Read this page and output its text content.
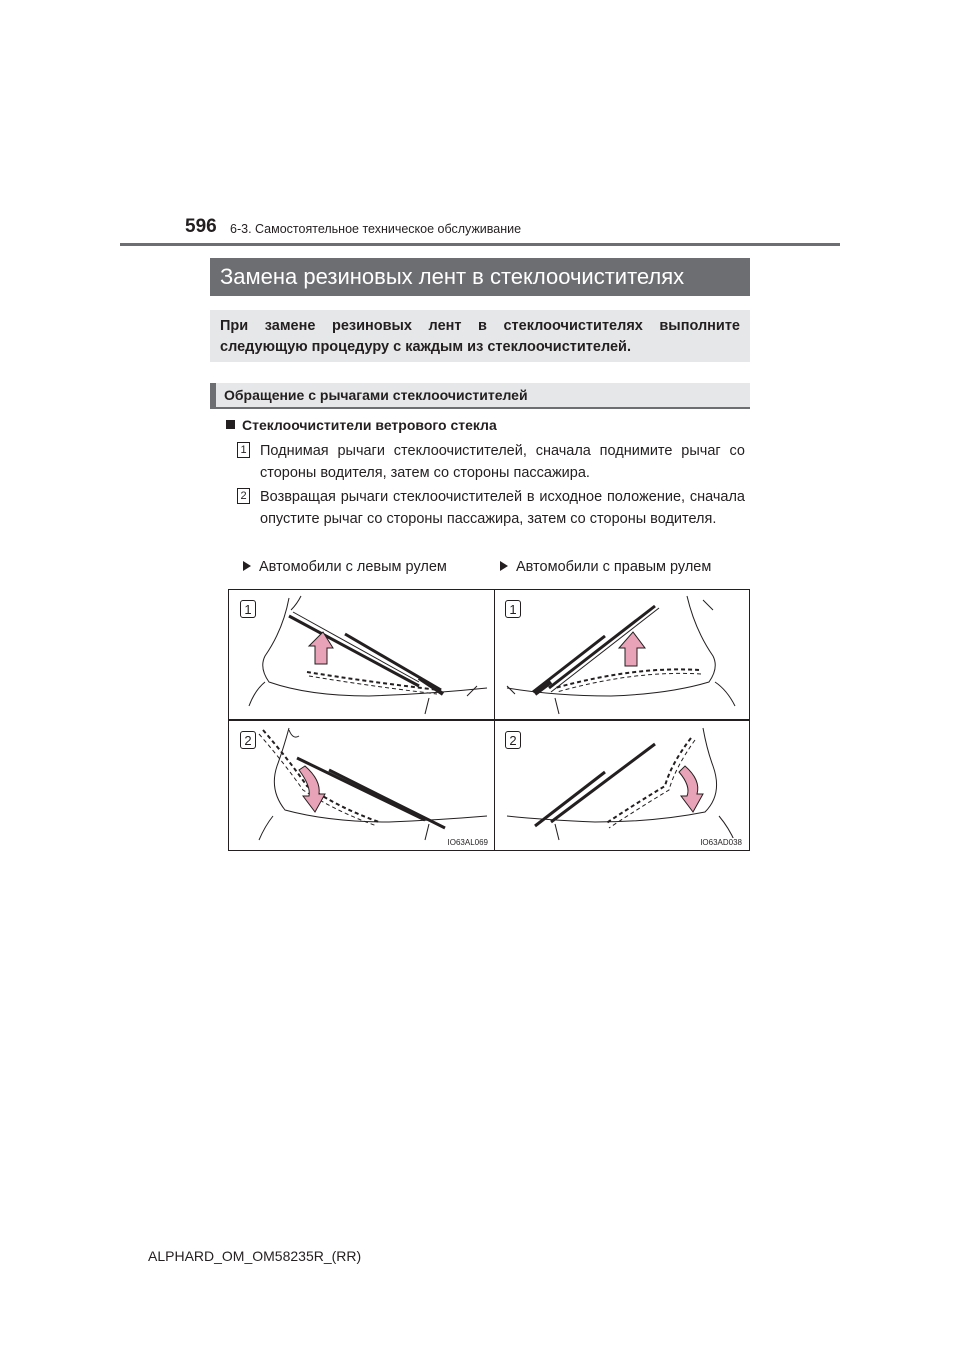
596 6-3. Самостоятельное техническое обслуживание
Замена резиновых лент в стеклоочистителях
При замене резиновых лент в стеклоочистителях выполните
следующую процедуру с каждым из стеклоочистителей.
Обращение с рычагами стеклоочистителей
Стеклоочистители ветрового стекла
1 Поднимая рычаги стеклоочистителей, сначала поднимите рычаг со стороны водителя, затем со стороны пассажира.
2 Возвращая рычаги стеклоочистителей в исходное положение, сначала опустите рычаг со стороны пассажира, затем со стороны водителя.
Автомобили с левым рулем	Автомобили с правым рулем
1
2
IO63AL069
1
2
IO63AD038
ALPHARD_OM_OM58235R_(RR)
